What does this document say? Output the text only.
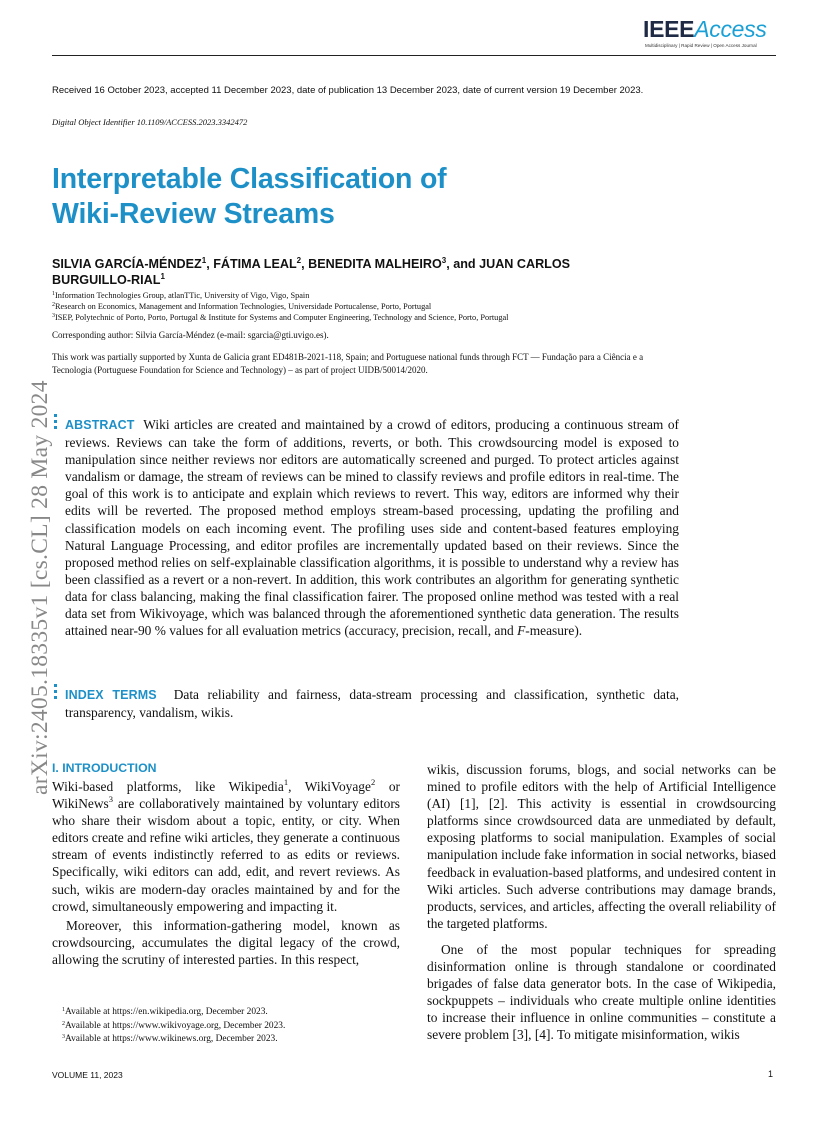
IEEEAccess
Multidisciplinary | Rapid Review | Open Access Journal
Received 16 October 2023, accepted 11 December 2023, date of publication 13 December 2023, date of current version 19 December 2023.
Digital Object Identifier 10.1109/ACCESS.2023.3342472
Interpretable Classification of
Wiki-Review Streams
SILVIA GARCÍA-MÉNDEZ$^1$, FÁTIMA LEAL$^2$, BENEDITA MALHEIRO$^3$, and JUAN CARLOS BURGUILLO-RIAL$^1$
$^1$Information Technologies Group, atlanTTic, University of Vigo, Vigo, Spain
$^2$Research on Economics, Management and Information Technologies, Universidade Portucalense, Porto, Portugal
$^3$ISEP, Polytechnic of Porto, Porto, Portugal & Institute for Systems and Computer Engineering, Technology and Science, Porto, Portugal
Corresponding author: Silvia García-Méndez (e-mail: sgarcia@gti.uvigo.es).
This work was partially supported by Xunta de Galicia grant ED481B-2021-118, Spain; and Portuguese national funds through FCT — Fundação para a Ciência e a Tecnologia (Portuguese Foundation for Science and Technology) – as part of project UIDB/50014/2020.
arXiv:2405.18335v1 [cs.CL] 28 May 2024 ABSTRACT Wiki articles are created and maintained by a crowd of editors, producing a continuous stream of reviews. Reviews can take the form of additions, reverts, or both. This crowdsourcing model is exposed to manipulation since neither reviews nor editors are automatically screened and purged. To protect articles against vandalism or damage, the stream of reviews can be mined to classify reviews and profile editors in real-time. The goal of this work is to anticipate and explain which reviews to revert. This way, editors are informed why their edits will be reverted. The proposed method employs stream-based processing, updating the profiling and classification models on each incoming event. The profiling uses side and content-based features employing Natural Language Processing, and editor profiles are incrementally updated based on their reviews. Since the proposed method relies on self-explainable classification algorithms, it is possible to understand why a review has been classified as a revert or a non-revert. In addition, this work contributes an algorithm for generating synthetic data for class balancing, making the final classification fairer. The proposed online method was tested with a real data set from Wikivoyage, which was balanced through the aforementioned synthetic data generation. The results attained near-90 % values for all evaluation metrics (accuracy, precision, recall, and F-measure).
INDEX TERMS Data reliability and fairness, data-stream processing and classification, synthetic data, transparency, vandalism, wikis.
I. INTRODUCTION
Wiki-based platforms, like Wikipedia$^1$, WikiVoyage$^2$ or WikiNews$^3$ are collaboratively maintained by voluntary editors who share their wisdom about a topic, entity, or city. When editors create and refine wiki articles, they generate a continuous stream of events indistinctly referred to as edits or reviews. Specifically, wiki editors can add, edit, and revert reviews. As such, wikis are modern-day oracles maintained by and for the crowd, simultaneously empowering and impacting it.
Moreover, this information-gathering model, known as crowdsourcing, accumulates the digital legacy of the crowd, allowing the scrutiny of interested parties. In this respect,
wikis, discussion forums, blogs, and social networks can be mined to profile editors with the help of Artificial Intelligence (AI) [1], [2]. This activity is essential in crowdsourcing platforms since crowdsourced data are unmediated by default, exposing platforms to social manipulation. Examples of social manipulation include fake information in social networks, biased feedback in evaluation-based platforms, and undesired content in Wiki articles. Such adverse contributions may damage brands, products, services, and articles, affecting the overall reliability of the targeted platforms.
One of the most popular techniques for spreading disinformation online is through standalone or coordinated brigades of false data generator bots. In the case of Wikipedia, sockpuppets – individuals who create multiple online identities to increase their influence in online communities – constitute a severe problem [3], [4]. To mitigate misinformation, wikis
$^1$Available at https://en.wikipedia.org, December 2023.
$^2$Available at https://www.wikivoyage.org, December 2023.
$^3$Available at https://www.wikinews.org, December 2023.
VOLUME 11, 2023	1
